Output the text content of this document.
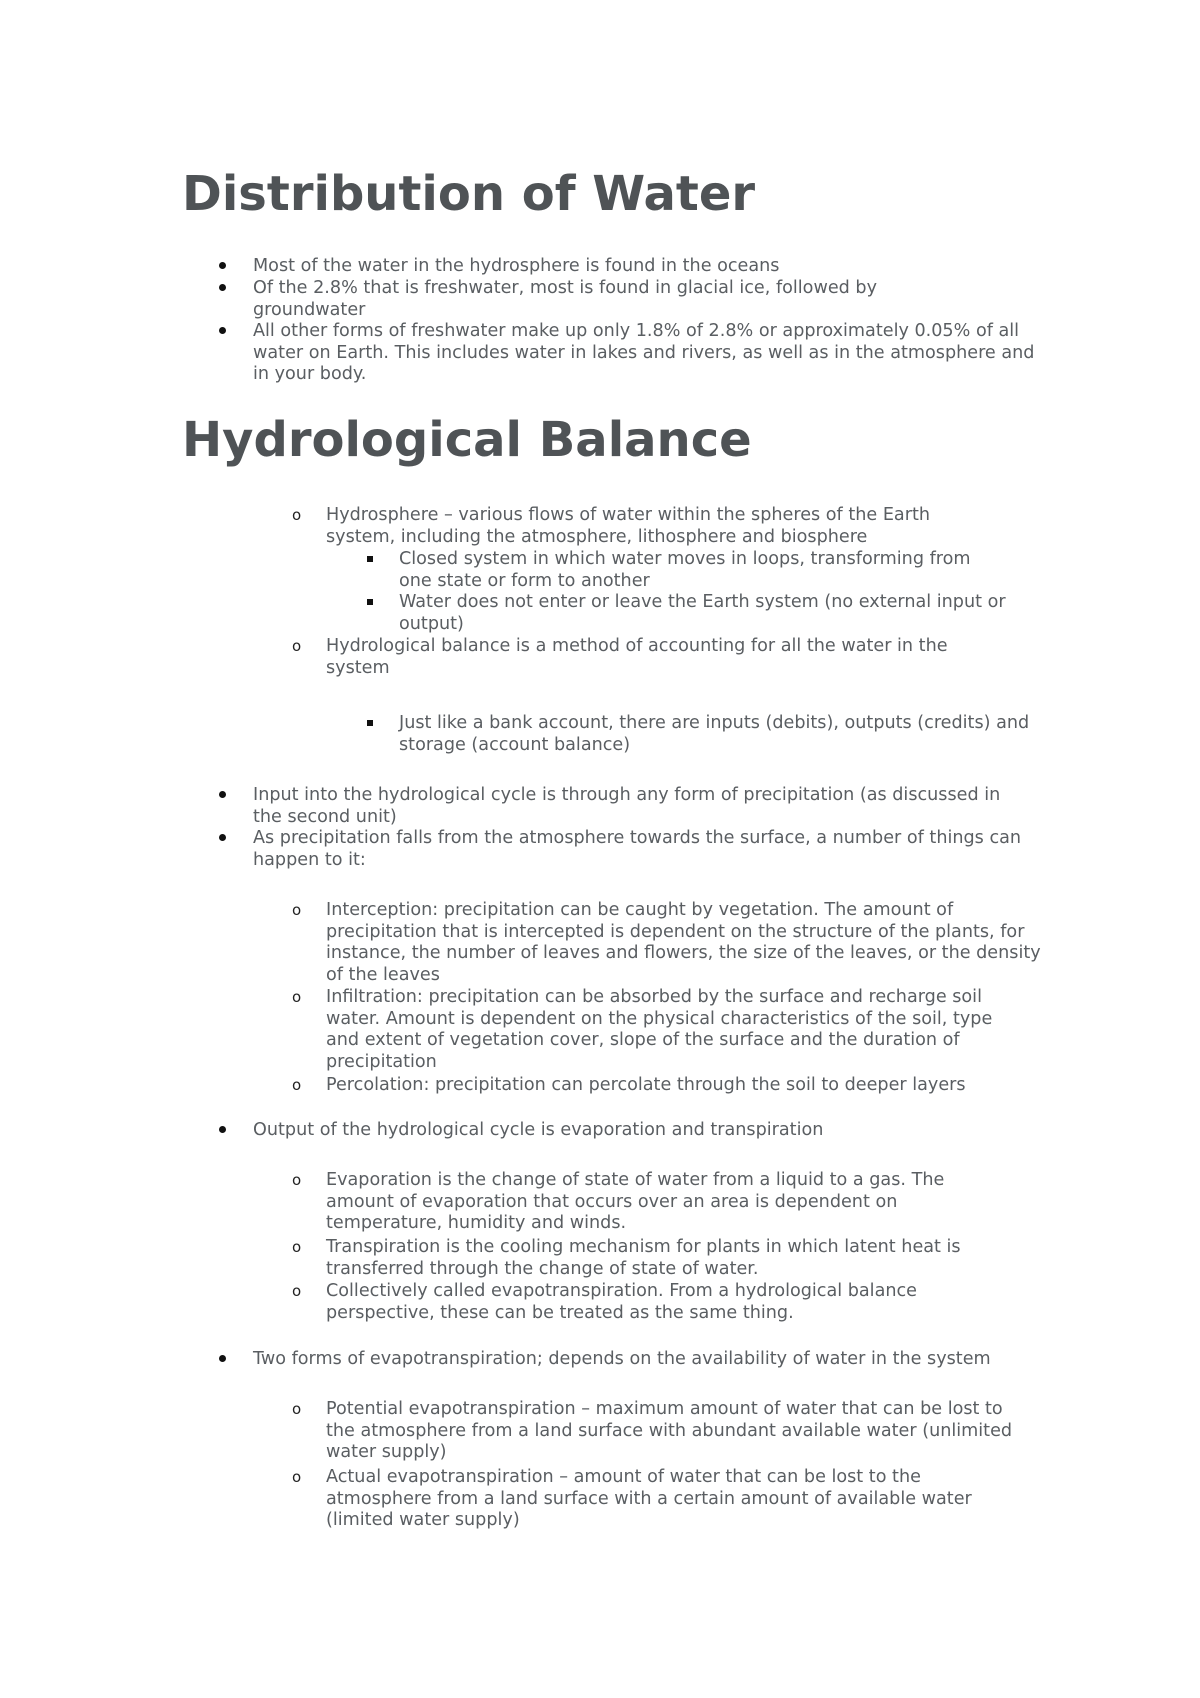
Distribution of Water
Most of the water in the hydrosphere is found in the oceans
Of the 2.8% that is freshwater, most is found in glacial ice, followed by groundwater
All other forms of freshwater make up only 1.8% of 2.8% or approximately 0.05% of all water on Earth. This includes water in lakes and rivers, as well as in the atmosphere and in your body.
Hydrological Balance
o Hydrosphere – various flows of water within the spheres of the Earth system, including the atmosphere, lithosphere and biosphere
Closed system in which water moves in loops, transforming from one state or form to another
Water does not enter or leave the Earth system (no external input or output)
o Hydrological balance is a method of accounting for all the water in the system
Just like a bank account, there are inputs (debits), outputs (credits) and storage (account balance)
Input into the hydrological cycle is through any form of precipitation (as discussed in the second unit)
As precipitation falls from the atmosphere towards the surface, a number of things can happen to it:
o Interception: precipitation can be caught by vegetation. The amount of precipitation that is intercepted is dependent on the structure of the plants, for instance, the number of leaves and flowers, the size of the leaves, or the density of the leaves
o Infiltration: precipitation can be absorbed by the surface and recharge soil water. Amount is dependent on the physical characteristics of the soil, type and extent of vegetation cover, slope of the surface and the duration of precipitation
o Percolation: precipitation can percolate through the soil to deeper layers
Output of the hydrological cycle is evaporation and transpiration
o Evaporation is the change of state of water from a liquid to a gas. The amount of evaporation that occurs over an area is dependent on temperature, humidity and winds.
o Transpiration is the cooling mechanism for plants in which latent heat is transferred through the change of state of water.
o Collectively called evapotranspiration. From a hydrological balance perspective, these can be treated as the same thing.
Two forms of evapotranspiration; depends on the availability of water in the system
o Potential evapotranspiration – maximum amount of water that can be lost to the atmosphere from a land surface with abundant available water (unlimited water supply)
o Actual evapotranspiration – amount of water that can be lost to the atmosphere from a land surface with a certain amount of available water (limited water supply)
